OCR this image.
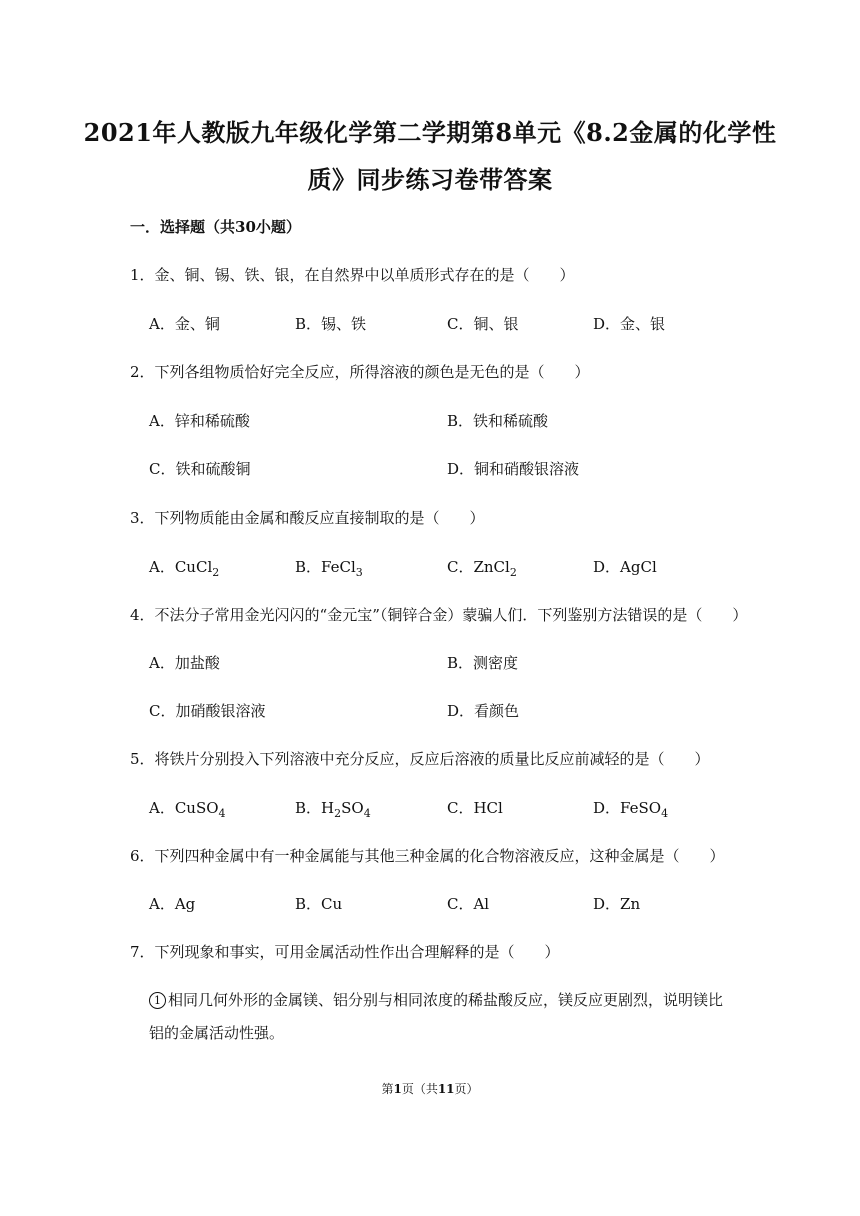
2021年人教版九年级化学第二学期第8单元《8.2金属的化学性
质》同步练习卷带答案
一．选择题（共30小题）
1．金、铜、锡、铁、银，在自然界中以单质形式存在的是（　　）
A．金、铜	B．锡、铁	C．铜、银	D．金、银
2．下列各组物质恰好完全反应，所得溶液的颜色是无色的是（　　）
A．锌和稀硫酸	B．铁和稀硫酸
C．铁和硫酸铜	D．铜和硝酸银溶液
3．下列物质能由金属和酸反应直接制取的是（　　）
A．CuCl$_2$	B．FeCl$_3$	C．ZnCl$_2$	D．AgCl
4．不法分子常用金光闪闪的“金元宝”（铜锌合金）蒙骗人们．下列鉴别方法错误的是（　　）
A．加盐酸	B．测密度
C．加硝酸银溶液	D．看颜色
5．将铁片分别投入下列溶液中充分反应，反应后溶液的质量比反应前减轻的是（　　）
A．CuSO$_4$	B．$H_2SO_4$	C．HCl	D．FeSO$_4$
6．下列四种金属中有一种金属能与其他三种金属的化合物溶液反应，这种金属是（　　）
A．Ag	B．Cu	C．Al	D．Zn
7．下列现象和事实，可用金属活动性作出合理解释的是（　　）
1 相同几何外形的金属镁、铝分别与相同浓度的稀盐酸反应，镁反应更剧烈，说明镁比
铝的金属活动性强。
第1页（共11页）
